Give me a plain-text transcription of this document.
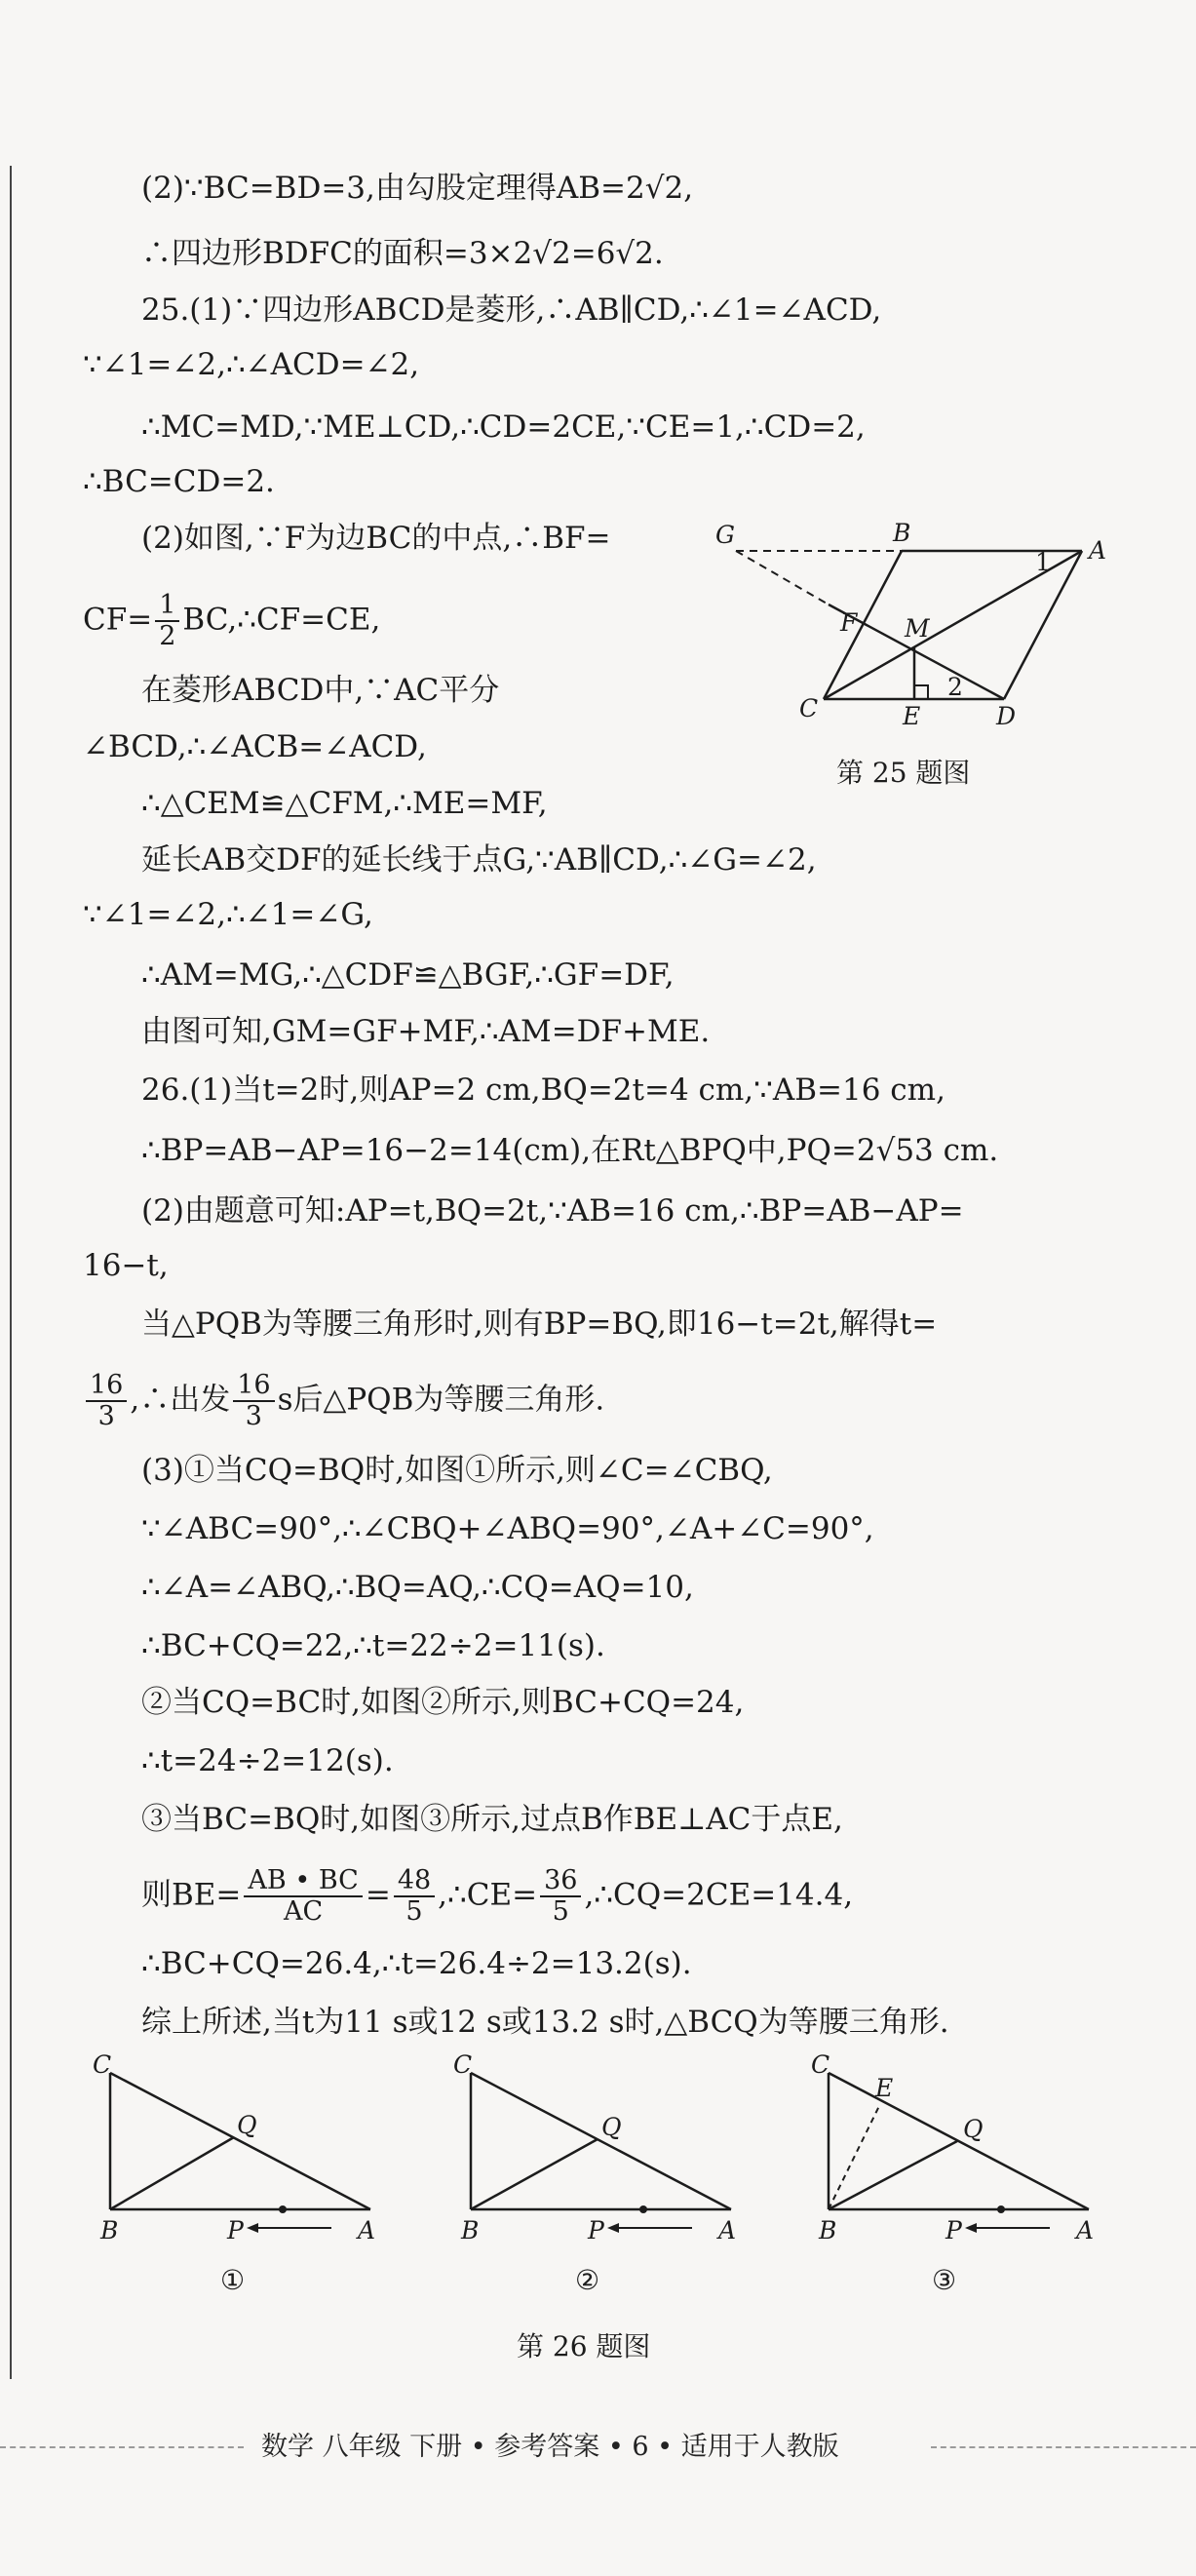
(2)∵BC=BD=3,由勾股定理得AB=2√2,
∴四边形BDFC的面积=3×2√2=6√2.
25.(1)∵四边形ABCD是菱形,∴AB∥CD,∴∠1=∠ACD,
∵∠1=∠2,∴∠ACD=∠2,
∴MC=MD,∵ME⊥CD,∴CD=2CE,∵CE=1,∴CD=2,
∴BC=CD=2.
(2)如图,∵F为边BC的中点,∴BF=
$CF= \frac{1}{2}$ BC,∴CF=CE,
在菱形ABCD中,∵AC平分
∠BCD,∴∠ACB=∠ACD,
∴△CEM≌△CFM,∴ME=MF,
延长AB交DF的延长线于点G,∵AB∥CD,∴∠G=∠2,
∵∠1=∠2,∴∠1=∠G,
∴AM=MG,∴△CDF≌△BGF,∴GF=DF,
由图可知,GM=GF+MF,∴AM=DF+ME.
26.(1)当t=2时,则AP=2 cm,BQ=2t=4 cm,∵AB=16 cm,
∴BP=AB−AP=16−2=14(cm),在Rt△BPQ中,PQ=2√53 cm.
(2)由题意可知:AP=t,BQ=2t,∵AB=16 cm,∴BP=AB−AP=
16−t,
当△PQB为等腰三角形时,则有BP=BQ,即16−t=2t,解得t=
$\frac{16}{3}$ ,∴出发 $\frac{16}{3}$ s后△PQB为等腰三角形.
(3)①当CQ=BQ时,如图①所示,则∠C=∠CBQ,
∵∠ABC=90°,∴∠CBQ+∠ABQ=90°,∠A+∠C=90°,
∴∠A=∠ABQ,∴BQ=AQ,∴CQ=AQ=10,
∴BC+CQ=22,∴t=22÷2=11(s).
②当CQ=BC时,如图②所示,则BC+CQ=24,
∴t=24÷2=12(s).
③当BC=BQ时,如图③所示,过点B作BE⊥AC于点E,
则$BE= \frac{AB • BC}{AC} = \frac{48}{5}$ ,∴CE= $\frac{36}{5}$ ,∴CQ=2CE=14.4,
∴BC+CQ=26.4,∴t=26.4÷2=13.2(s).
综上所述,当t为11 s或12 s或13.2 s时,△BCQ为等腰三角形.
G	B
A
1
F M
2
C	E	D
第 25 题图
C
Q
B	P	A
①
C
Q
B	P	A
②
C
E
Q
B	P	A
③
第 26 题图
数学 八年级 下册 • 参考答案 • 6 • 适用于人教版
